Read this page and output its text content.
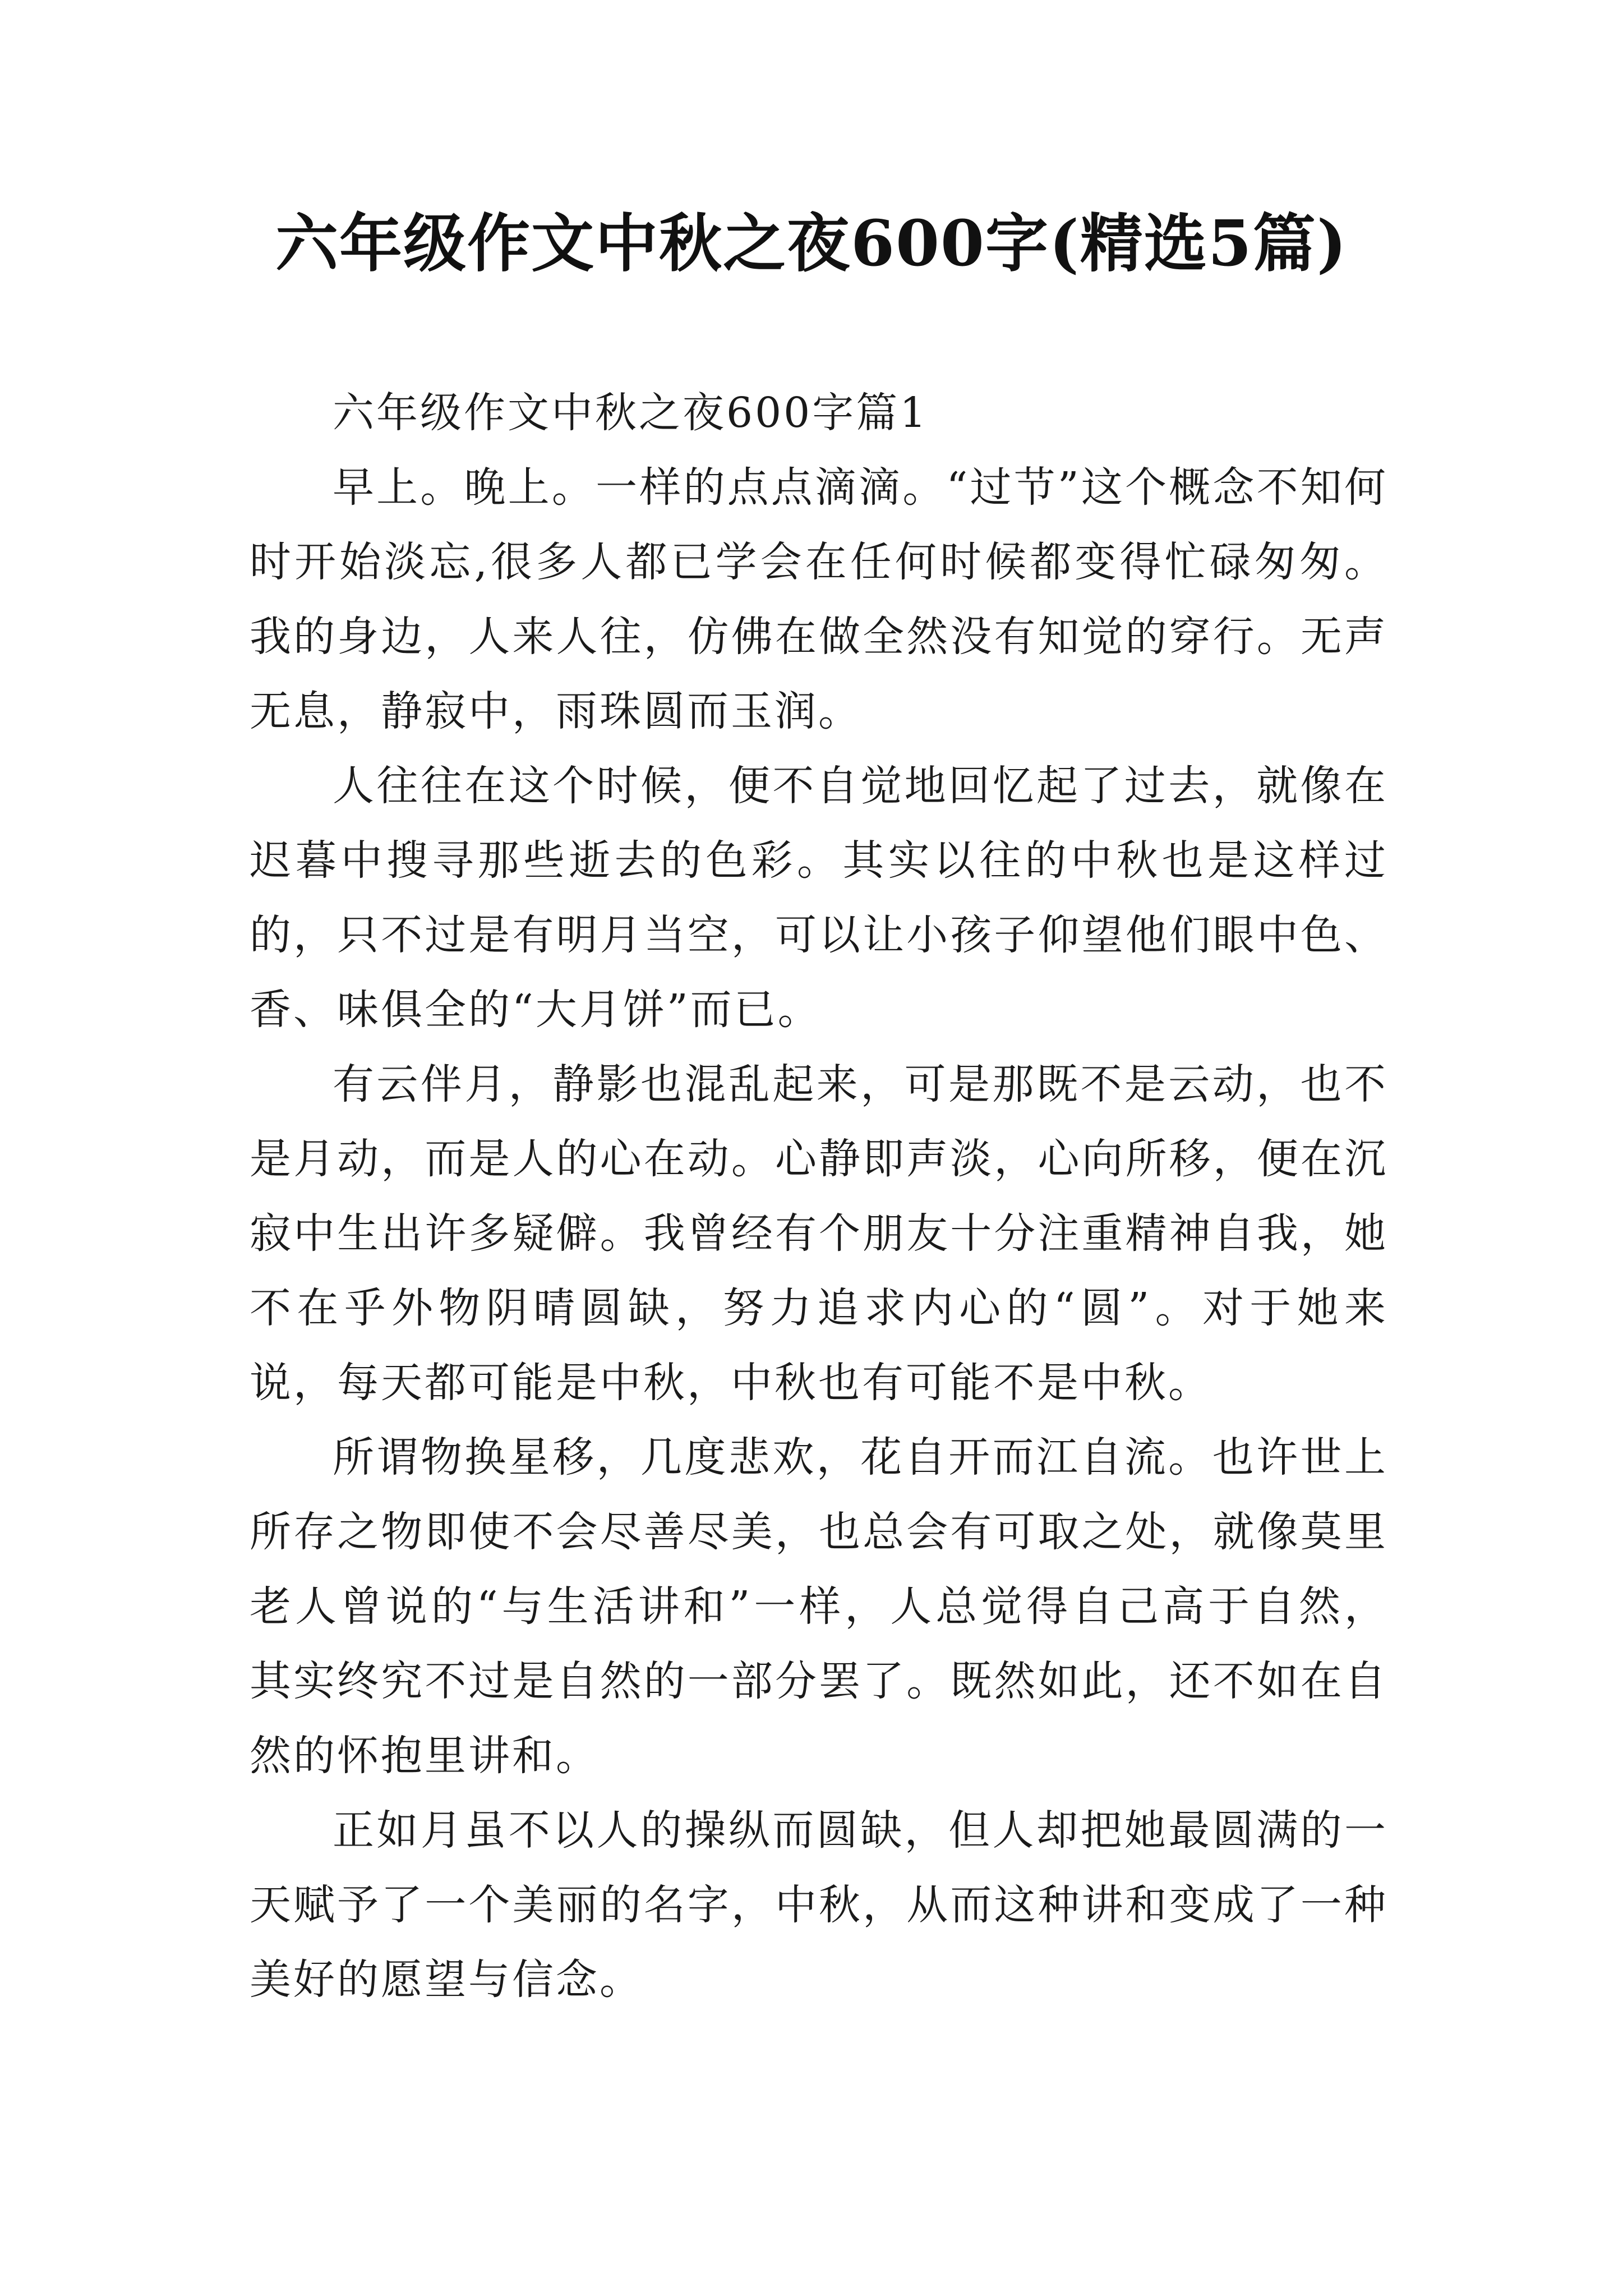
六年级作文中秋之夜600字(精选5篇)
六年级作文中秋之夜600字篇1

早上。晚上。一样的点点滴滴。“过节”这个概念不知何时开始淡忘,很多人都已学会在任何时候都变得忙碌匆匆。我的身边，人来人往，仿佛在做全然没有知觉的穿行。无声无息，静寂中，雨珠圆而玉润。

人往往在这个时候，便不自觉地回忆起了过去，就像在迟暮中搜寻那些逝去的色彩。其实以往的中秋也是这样过的，只不过是有明月当空，可以让小孩子仰望他们眼中色、香、味俱全的“大月饼”而已。

有云伴月，静影也混乱起来，可是那既不是云动，也不是月动，而是人的心在动。心静即声淡，心向所移，便在沉寂中生出许多疑僻。我曾经有个朋友十分注重精神自我，她不在乎外物阴晴圆缺，努力追求内心的“圆”。对于她来说，每天都可能是中秋，中秋也有可能不是中秋。

所谓物换星移，几度悲欢，花自开而江自流。也许世上所存之物即使不会尽善尽美，也总会有可取之处，就像莫里老人曾说的“与生活讲和”一样，人总觉得自己高于自然，其实终究不过是自然的一部分罢了。既然如此，还不如在自然的怀抱里讲和。

正如月虽不以人的操纵而圆缺，但人却把她最圆满的一天赋予了一个美丽的名字，中秋，从而这种讲和变成了一种美好的愿望与信念。
